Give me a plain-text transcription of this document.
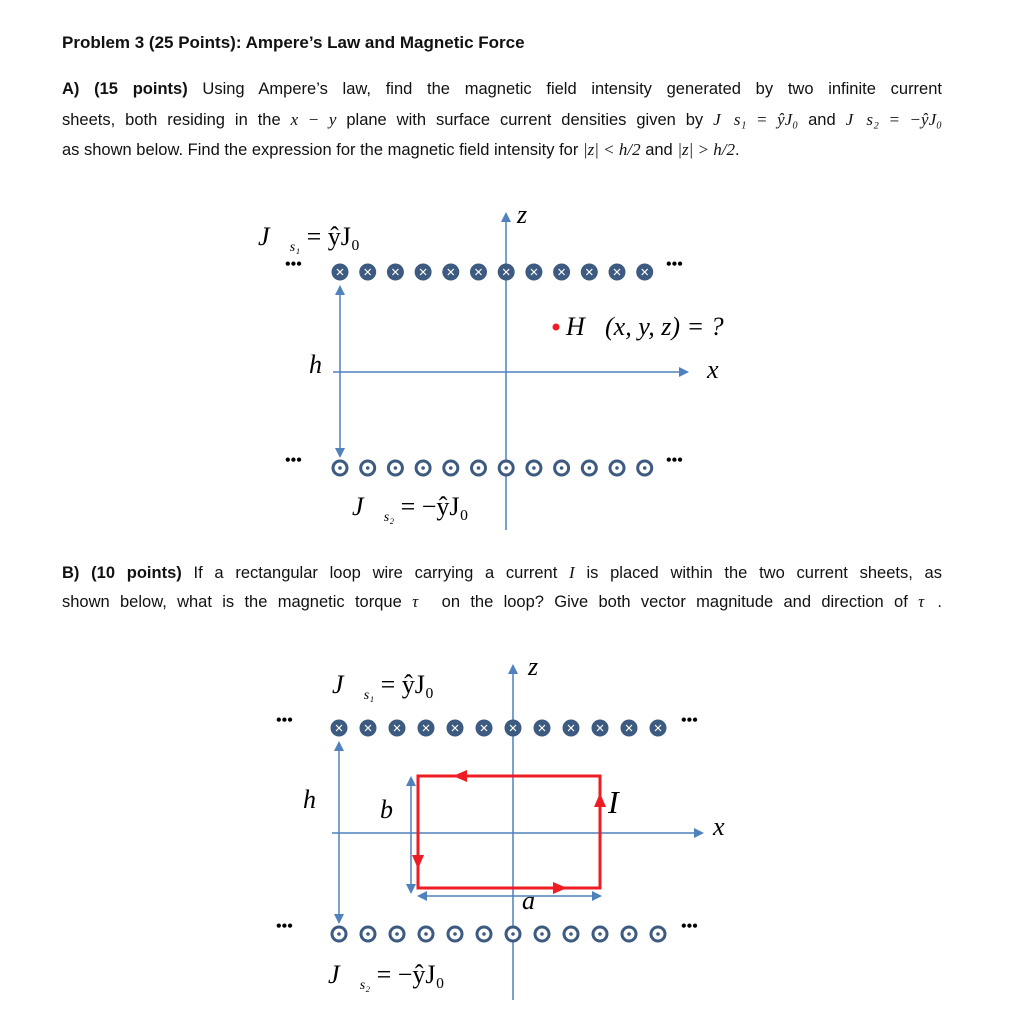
Problem 3 (25 Points): Ampere’s Law and Magnetic Force
A) (15 points) Using Ampere’s law, find the magnetic field intensity generated by two infinite current
sheets, both residing in the x − y plane with surface current densities given by J⃗s₁ = ŷJ₀ and J⃗s₂ = −ŷJ₀
as shown below. Find the expression for the magnetic field intensity for |z| < h/2 and |z| > h/2.
B) (10 points) If a rectangular loop wire carrying a current I is placed within the two current sheets, as
shown below, what is the magnetic torque τ⃗ on the loop? Give both vector magnitude and direction of τ⃗.
$J⃗_{s_1}$ = ŷJ₀
$J⃗_{s_2}$ = −ŷJ₀
h	x
z
H⃗(x, y, z) = ?
•••	•••
•••	•••
$J⃗_{s_1}$ = ŷJ₀
$J⃗_{s_2}$ = −ŷJ₀
h b
a
I
x
z
•••	•••
•••	•••
